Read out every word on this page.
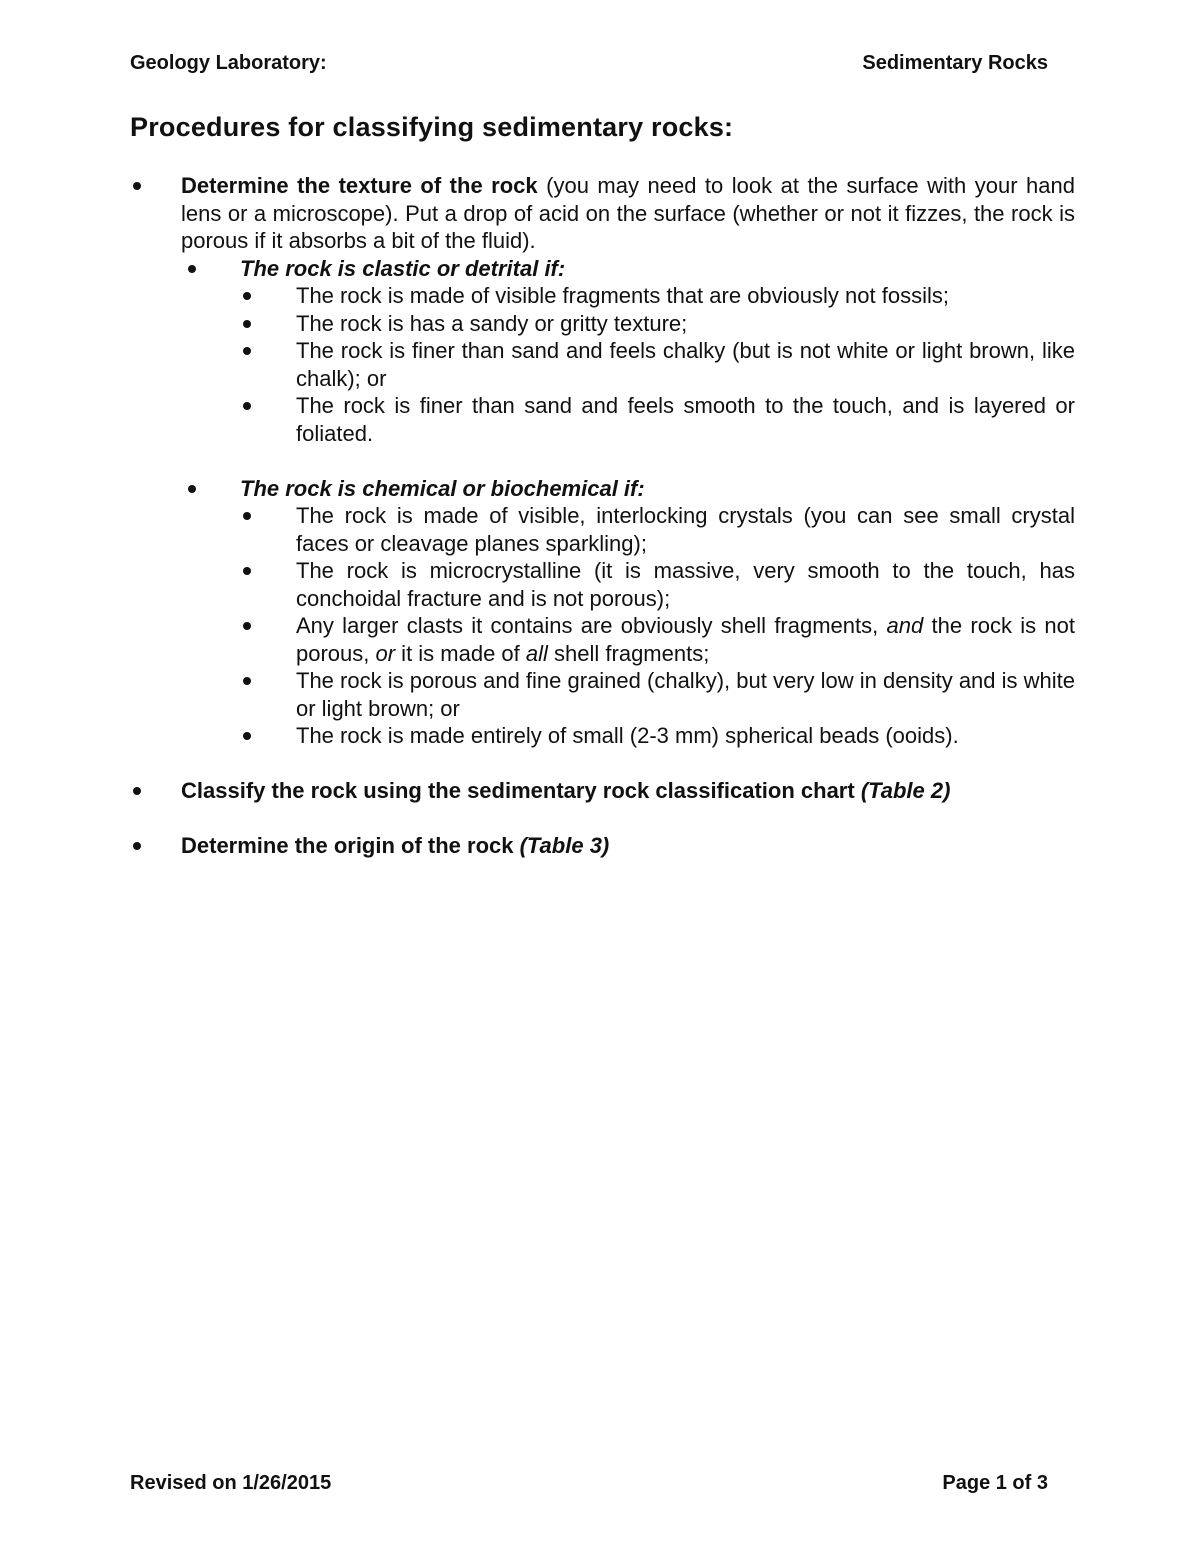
Geology Laboratory:	Sedimentary Rocks
Procedures for classifying sedimentary rocks:
Determine the texture of the rock (you may need to look at the surface with your hand lens or a microscope). Put a drop of acid on the surface (whether or not it fizzes, the rock is porous if it absorbs a bit of the fluid).
The rock is clastic or detrital if:
The rock is made of visible fragments that are obviously not fossils;
The rock is has a sandy or gritty texture;
The rock is finer than sand and feels chalky (but is not white or light brown, like chalk); or
The rock is finer than sand and feels smooth to the touch, and is layered or foliated.
The rock is chemical or biochemical if:
The rock is made of visible, interlocking crystals (you can see small crystal faces or cleavage planes sparkling);
The rock is microcrystalline (it is massive, very smooth to the touch, has conchoidal fracture and is not porous);
Any larger clasts it contains are obviously shell fragments, and the rock is not porous, or it is made of all shell fragments;
The rock is porous and fine grained (chalky), but very low in density and is white or light brown; or
The rock is made entirely of small (2-3 mm) spherical beads (ooids).
Classify the rock using the sedimentary rock classification chart (Table 2)
Determine the origin of the rock (Table 3)
Revised on 1/26/2015	Page 1 of 3
